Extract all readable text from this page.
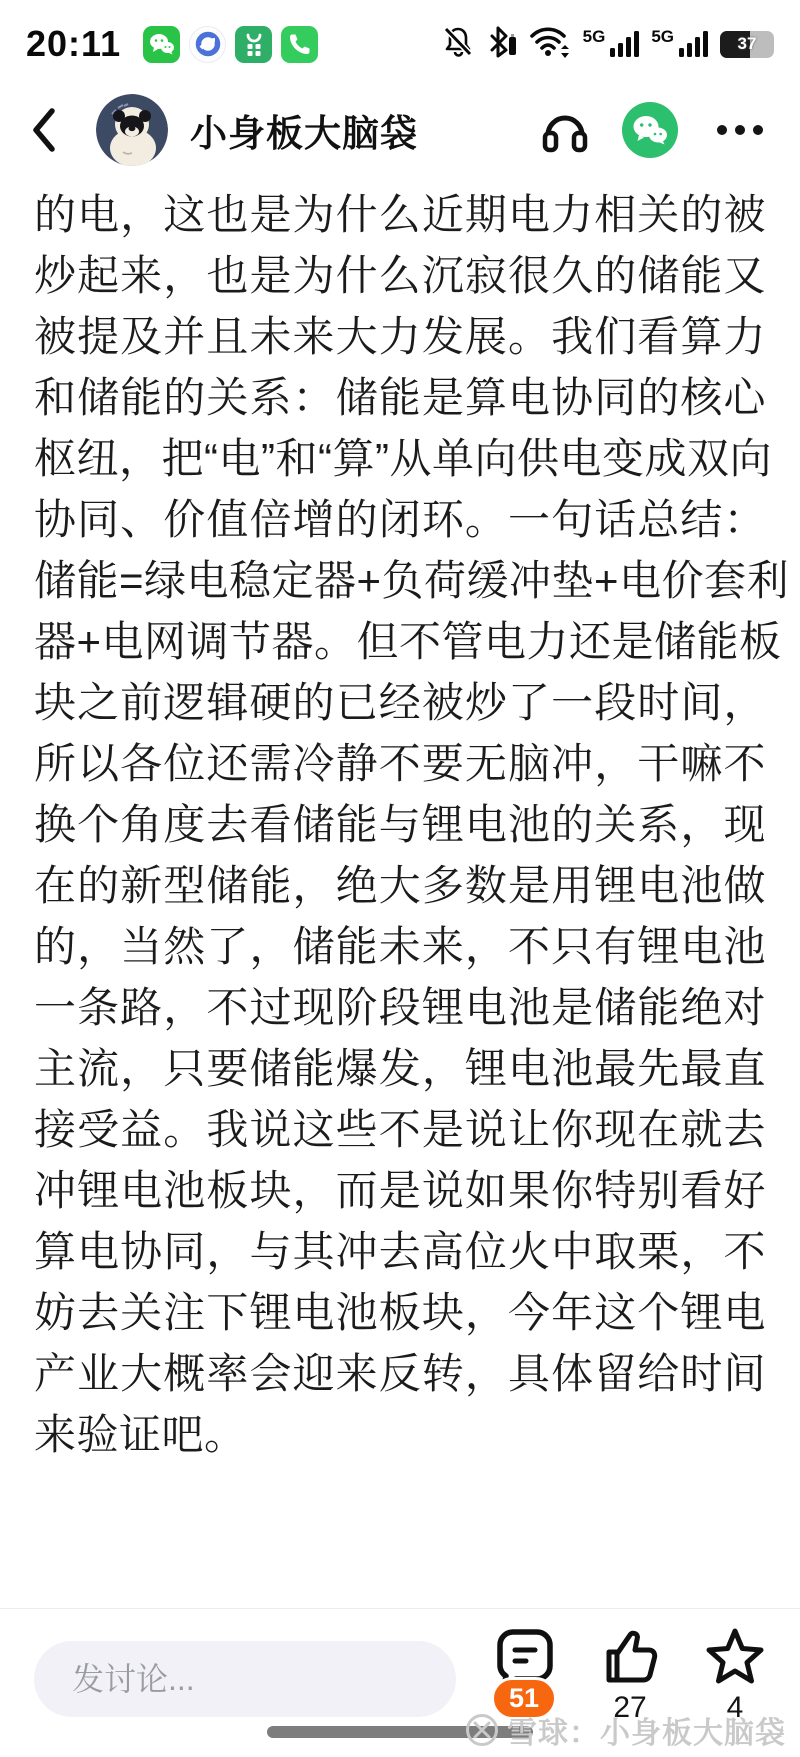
20:11	5G	5G	37
小身板大脑袋
的电，这也是为什么近期电力相关的被
炒起来，也是为什么沉寂很久的储能又
被提及并且未来大力发展。我们看算力
和储能的关系：储能是算电协同的核心
枢纽，把“电”和“算”从单向供电变成双向
协同、价值倍增的闭环。一句话总结：
储能=绿电稳定器+负荷缓冲垫+电价套利
器+电网调节器。但不管电力还是储能板
块之前逻辑硬的已经被炒了一段时间，
所以各位还需冷静不要无脑冲，干嘛不
换个角度去看储能与锂电池的关系，现
在的新型储能，绝大多数是用锂电池做
的，当然了，储能未来，不只有锂电池
一条路，不过现阶段锂电池是储能绝对
主流，只要储能爆发，锂电池最先最直
接受益。我说这些不是说让你现在就去
冲锂电池板块，而是说如果你特别看好
算电协同，与其冲去高位火中取栗，不
妨去关注下锂电池板块，今年这个锂电
产业大概率会迎来反转，具体留给时间
来验证吧。
发讨论...
51	27	4
雪球：小身板大脑袋
